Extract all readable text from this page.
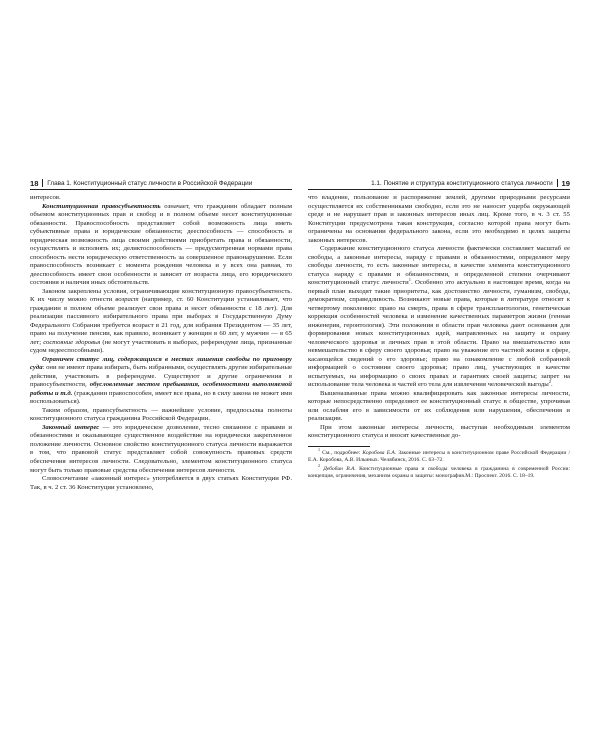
18 Глава 1. Конституционный статус личности в Российской Федерации

интересов.

Конституционная правосубъектность означает, что гражданин обладает полным объемом конституционных прав и свобод и в полном объеме несет конституционные обязанности. Правоспособность представляет собой возможность лица иметь субъективные права и юридические обязанности; дееспособность — способность и юридическая возможность лица своими действиями приобретать права и обязанности, осуществлять и исполнять их; деликтоспособность — предусмотренная нормами права способность нести юридическую ответственность за совершенное правонарушение. Если правоспособность возникает с момента рождения человека и у всех она равная, то дееспособность имеет свои особенности и зависит от возраста лица, его юридического состояния и наличия иных обстоятельств.

Законом закреплены условия, ограничивающие конституционную правосубъектность. К их числу можно отнести возраст (например, ст. 60 Конституции устанавливает, что гражданин в полном объеме реализует свои права и несет обязанности с 18 лет). Для реализации пассивного избирательного права при выборах в Государственную Думу Федерального Собрания требуется возраст в 21 год, для избрания Президентом — 35 лет, право на получение пенсии, как правило, возникает у женщин в 60 лет, у мужчин — в 65 лет; состояние здоровья (не могут участвовать в выборах, референдуме лица, признанные судом недееспособными).

Ограничен статус лиц, содержащихся в местах лишения свободы по приговору суда: они не имеют права избирать, быть избранными, осуществлять другие избирательные действия, участвовать в референдуме. Существуют и другие ограничения в правосубъектности, обусловленные местом пребывания, особенностями выполняемой работы и т.д. (гражданин правоспособен, имеет все права, но в силу закона не может ими воспользоваться).

Таким образом, правосубъектность — важнейшее условие, предпосылка полноты конституционного статуса гражданина Российской Федерации.

Законный интерес — это юридическое дозволение, тесно связанное с правами и обязанностями и оказывающее существенное воздействие на юридически закрепленное положение личности. Основное свойство конституционного статуса личности выражается в том, что правовой статус представляет собой совокупность правовых средств обеспечения интересов личности. Следовательно, элементом конституционного статуса могут быть только правовые средства обеспечения интересов личности.

Словосочетание «законный интерес» употребляется в двух статьях Конституции РФ. Так, в ч. 2 ст. 36 Конституции установлено,

1.1. Понятие и структура конституционного статуса личности 19

что владение, пользование и распоряжение землей, другими природными ресурсами осуществляется их собственниками свободно, если это не наносит ущерба окружающей среде и не нарушает прав и законных интересов иных лиц. Кроме того, в ч. 3 ст. 55 Конституции предусмотрена такая конструкция, согласно которой права могут быть ограничены на основании федерального закона, если это необходимо в целях защиты законных интересов.

Содержание конституционного статуса личности фактически составляет масштаб ее свободы, а законные интересы, наряду с правами и обязанностями, определяют меру свободы личности, то есть законные интересы, в качестве элемента конституционного статуса наряду с правами и обязанностями, в определенной степени очерчивают конституционный статус личности$^1$. Особенно это актуально в настоящее время, когда на первый план выходят такие приоритеты, как достоинство личности, гуманизм, свобода, демократизм, справедливость. Возникают новые права, которые в литературе относят к четвертому поколению: право на смерть, права в сфере трансплантологии, генетическая коррекция особенностей человека и изменение качественных параметров жизни (генная инженерия, геронтология). Эти положения в области прав человека дают основания для формирования новых конституционных идей, направленных на защиту и охрану человеческого здоровья и личных прав в этой области. Право на вмешательство или невмешательство в сферу своего здоровья; право на уважение его частной жизни в сфере, касающейся сведений о его здоровье; право на ознакомление с любой собранной информацией о состоянии своего здоровья; право лиц, участвующих в качестве испытуемых, на информацию о своих правах и гарантиях своей защиты; запрет на использование тела человека и частей его тела для извлечения человеческой выгоды$^2$.

Вышеназванные права можно квалифицировать как законные интересы личности, которые непосредственно определяют ее конституционный статус в обществе, упрочивая или ослабляя его в зависимости от их соблюдения или нарушения, обеспечения и реализации.

При этом законные интересы личности, выступая необходимым элементом конституционного статуса и вносят качественные до-

$^1$ См., подробнее: Коробова Е.А. Законные интересы в конституционном праве Российской Федерации / Е.А. Коробова, А.В. Ильиных. Челябинск, 2016. С. 63–72.

$^2$ Дебобин В.А. Конституционные права и свободы человека в гражданина в современной России: концепция, ограничения, механизм охраны и защиты: монография.М.: Проспект. 2016. С. 18–19.
